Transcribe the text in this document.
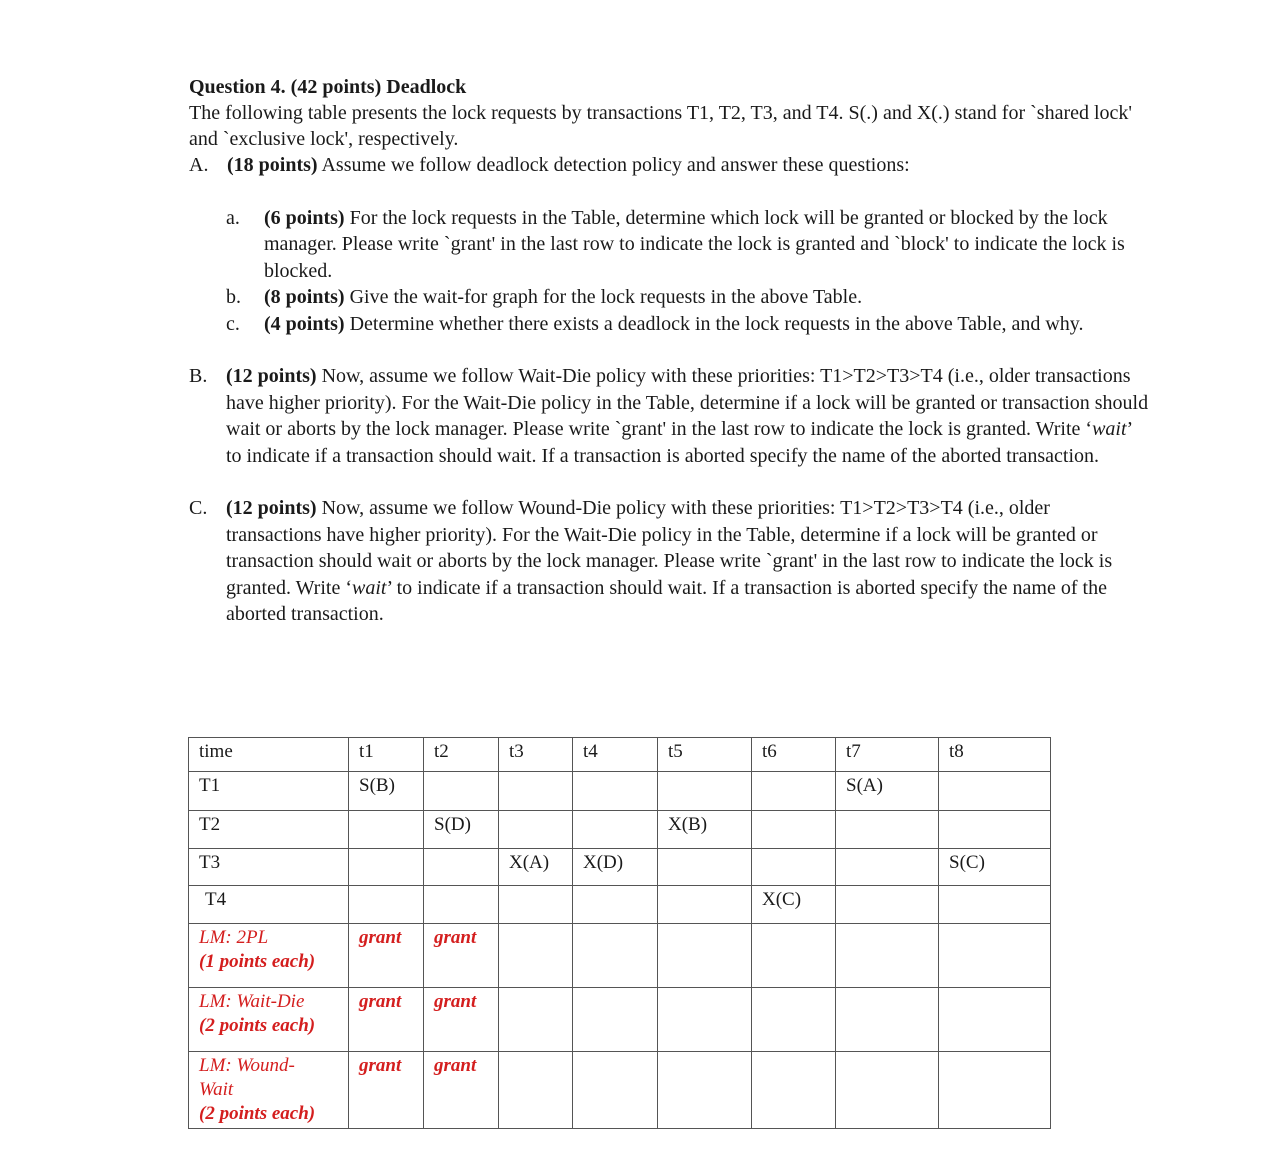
Question 4. (42 points) Deadlock

The following table presents the lock requests by transactions T1, T2, T3, and T4. S(.) and X(.) stand for `shared lock' and `exclusive lock', respectively.

A. (18 points) Assume we follow deadlock detection policy and answer these questions:
a.	(6 points) For the lock requests in the Table, determine which lock will be granted or blocked by the lock manager. Please write `grant' in the last row to indicate the lock is granted and `block' to indicate the lock is blocked.
b.	(8 points) Give the wait-for graph for the lock requests in the above Table.
c.	(4 points) Determine whether there exists a deadlock in the lock requests in the above Table, and why.
B. (12 points) Now, assume we follow Wait-Die policy with these priorities: T1>T2>T3>T4 (i.e., older transactions have higher priority). For the Wait-Die policy in the Table, determine if a lock will be granted or transaction should wait or aborts by the lock manager. Please write `grant' in the last row to indicate the lock is granted. Write ‘wait’ to indicate if a transaction should wait. If a transaction is aborted specify the name of the aborted transaction.
C. (12 points) Now, assume we follow Wound-Die policy with these priorities: T1>T2>T3>T4 (i.e., older transactions have higher priority). For the Wait-Die policy in the Table, determine if a lock will be granted or transaction should wait or aborts by the lock manager. Please write `grant' in the last row to indicate the lock is granted. Write ‘wait’ to indicate if a transaction should wait. If a transaction is aborted specify the name of the aborted transaction.
time	t1	t2	t3	t4	t5	t6	t7	t8
T1	S(B)						S(A)	
T2		S(D)			X(B)			
T3			X(A)	X(D)				S(C)
T4						X(C)		
LM: 2PL
(1 points each)	grant	grant						
LM: Wait-Die
(2 points each)	grant	grant						
LM: Wound-
Wait
(2 points each)	grant	grant						
